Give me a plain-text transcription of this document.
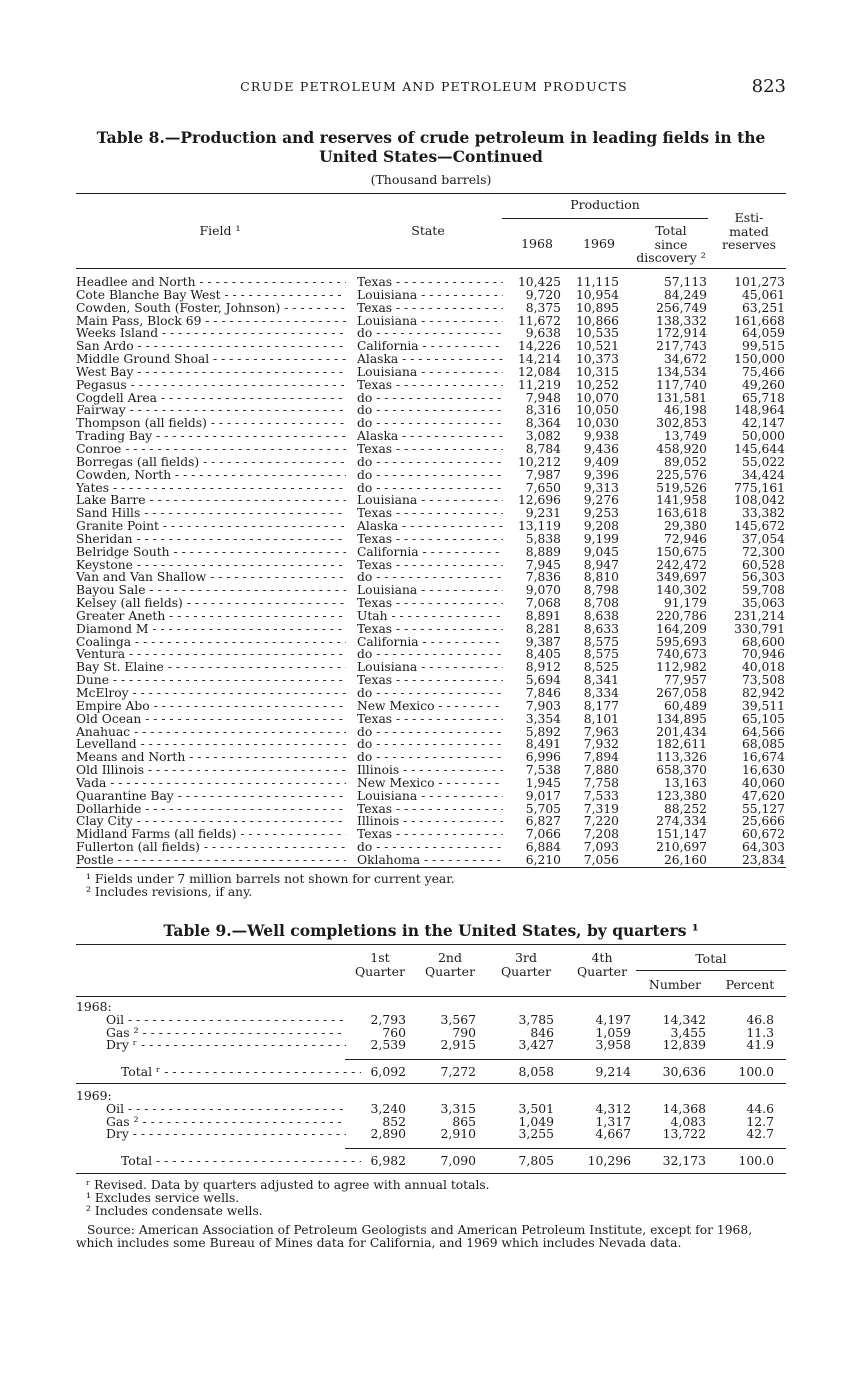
CRUDE PETROLEUM AND PETROLEUM PRODUCTS	823
Table 8.—Production and reserves of crude petroleum in leading fields in the
United States—Continued
(Thousand barrels)
Field ¹	State
Production
1968	1969
Total
since
discovery ²
Esti-
mated
reserves
Headlee and North - - -	Texas - - -	10,425 11,115	57,113 101,273
Cote Blanche Bay West - - -	Louisiana - - -	9,720 10,954	84,249	45,061
Cowden, South (Foster, Johnson) - - -	Texas - - -	8,375 10,895	256,749	63,251
Main Pass, Block 69 - - -	Louisiana - - -	11,672 10,866	138,332 161,668
Weeks Island - - -	do - - -	9,638 10,535	172,914	64,059
San Ardo - - -	California - - -	14,226 10,521	217,743	99,515
Middle Ground Shoal - - -	Alaska - - -	14,214 10,373	34,672 150,000
West Bay - - -	Louisiana - - -	12,084 10,315	134,534	75,466
Pegasus - - -	Texas - - -	11,219 10,252	117,740	49,260
Cogdell Area - - -	do - - -	7,948 10,070	131,581	65,718
Fairway - - -	do - - -	8,316 10,050	46,198 148,964
Thompson (all fields) - - -	do - - -	8,364 10,030	302,853	42,147
Trading Bay - - -	Alaska - - -	3,082 9,938	13,749	50,000
Conroe - - -	Texas - - -	8,784 9,436	458,920 145,644
Borregas (all fields) - - -	do - - -	10,212 9,409	89,052	55,022
Cowden, North - - -	do - - -	7,987 9,396	225,576	34,424
Yates - - -	do - - -	7,650 9,313	519,526 775,161
Lake Barre - - -	Louisiana - - -	12,696 9,276	141,958 108,042
Sand Hills - - -	Texas - - -	9,231 9,253	163,618	33,382
Granite Point - - -	Alaska - - -	13,119 9,208	29,380 145,672
Sheridan - - -	Texas - - -	5,838 9,199	72,946	37,054
Belridge South - - -	California - - -	8,889 9,045	150,675	72,300
Keystone - - -	Texas - - -	7,945 8,947	242,472	60,528
Van and Van Shallow - - -	do - - -	7,836 8,810	349,697	56,303
Bayou Sale - - -	Louisiana - - -	9,070 8,798	140,302	59,708
Kelsey (all fields) - - -	Texas - - -	7,068 8,708	91,179	35,063
Greater Aneth - - -	Utah - - -	8,891 8,638	220,786 231,214
Diamond M - - -	Texas - - -	8,281 8,633	164,209 330,791
Coalinga - - -	California - - -	9,387 8,575	595,693	68,600
Ventura - - -	do - - -	8,405 8,575	740,673	70,946
Bay St. Elaine - - -	Louisiana - - -	8,912 8,525	112,982	40,018
Dune - - -	Texas - - -	5,694 8,341	77,957	73,508
McElroy - - -	do - - -	7,846 8,334	267,058	82,942
Empire Abo - - -	New Mexico - - -	7,903 8,177	60,489	39,511
Old Ocean - - -	Texas - - -	3,354 8,101	134,895	65,105
Anahuac - - -	do - - -	5,892 7,963	201,434	64,566
Levelland - - -	do - - -	8,491 7,932	182,611	68,085
Means and North - - -	do - - -	6,996 7,894	113,326	16,674
Old Illinois - - -	Illinois - - -	7,538 7,880	658,370	16,630
Vada - - -	New Mexico - - -	1,945 7,758	13,163	40,060
Quarantine Bay - - -	Louisiana - - -	9,017 7,533	123,380	47,620
Dollarhide - - -	Texas - - -	5,705 7,319	88,252	55,127
Clay City - - -	Illinois - - -	6,827 7,220	274,334	25,666
Midland Farms (all fields) - - -	Texas - - -	7,066 7,208	151,147	60,672
Fullerton (all fields) - - -	do - - -	6,884 7,093	210,697	64,303
Postle - - -	Oklahoma - - -	6,210 7,056	26,160	23,834
¹ Fields under 7 million barrels not shown for current year.
² Includes revisions, if any.
Table 9.—Well completions in the United States, by quarters ¹
1st
Quarter
2nd
Quarter
3rd
Quarter
4th
Quarter
Total
Number	Percent
1968:
Oil - - -	2,793	3,567	3,785	4,197	14,342	46.8
Gas ² - - -	760	790	846	1,059	3,455	11.3
Dry ʳ - - -	2,539	2,915	3,427	3,958	12,839	41.9
Total ʳ - - -	6,092	7,272	8,058	9,214	30,636	100.0
1969:
Oil - - -	3,240	3,315	3,501	4,312	14,368	44.6
Gas ² - - -	852	865	1,049	1,317	4,083	12.7
Dry - - -	2,890	2,910	3,255	4,667	13,722	42.7
Total - - -	6,982	7,090	7,805	10,296	32,173	100.0
ʳ Revised. Data by quarters adjusted to agree with annual totals.
¹ Excludes service wells.
² Includes condensate wells.
Source: American Association of Petroleum Geologists and American Petroleum Institute, except for 1968,
which includes some Bureau of Mines data for California, and 1969 which includes Nevada data.
